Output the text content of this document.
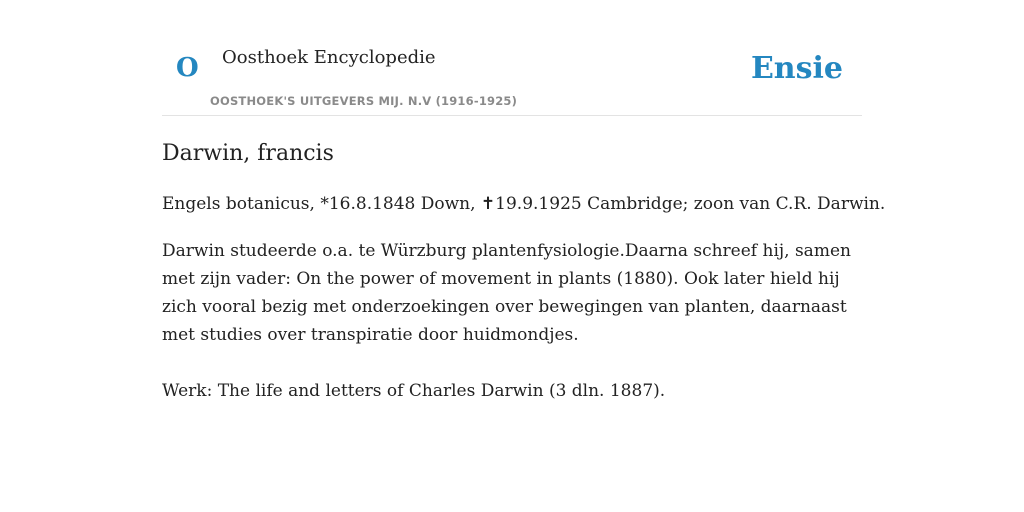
O Oosthoek Encyclopedie
OOSTHOEK'S UITGEVERS MIJ. N.V (1916-1925)
Ensie
Darwin, francis

Engels botanicus, *16.8.1848 Down, ✝19.9.1925 Cambridge; zoon van C.R. Darwin.

Darwin studeerde o.a. te Würzburg plantenfysiologie.Daarna schreef hij, samen met zijn vader: On the power of movement in plants (1880). Ook later hield hij zich vooral bezig met onderzoekingen over bewegingen van planten, daarnaast met studies over transpiratie door huidmondjes.

Werk: The life and letters of Charles Darwin (3 dln. 1887).
